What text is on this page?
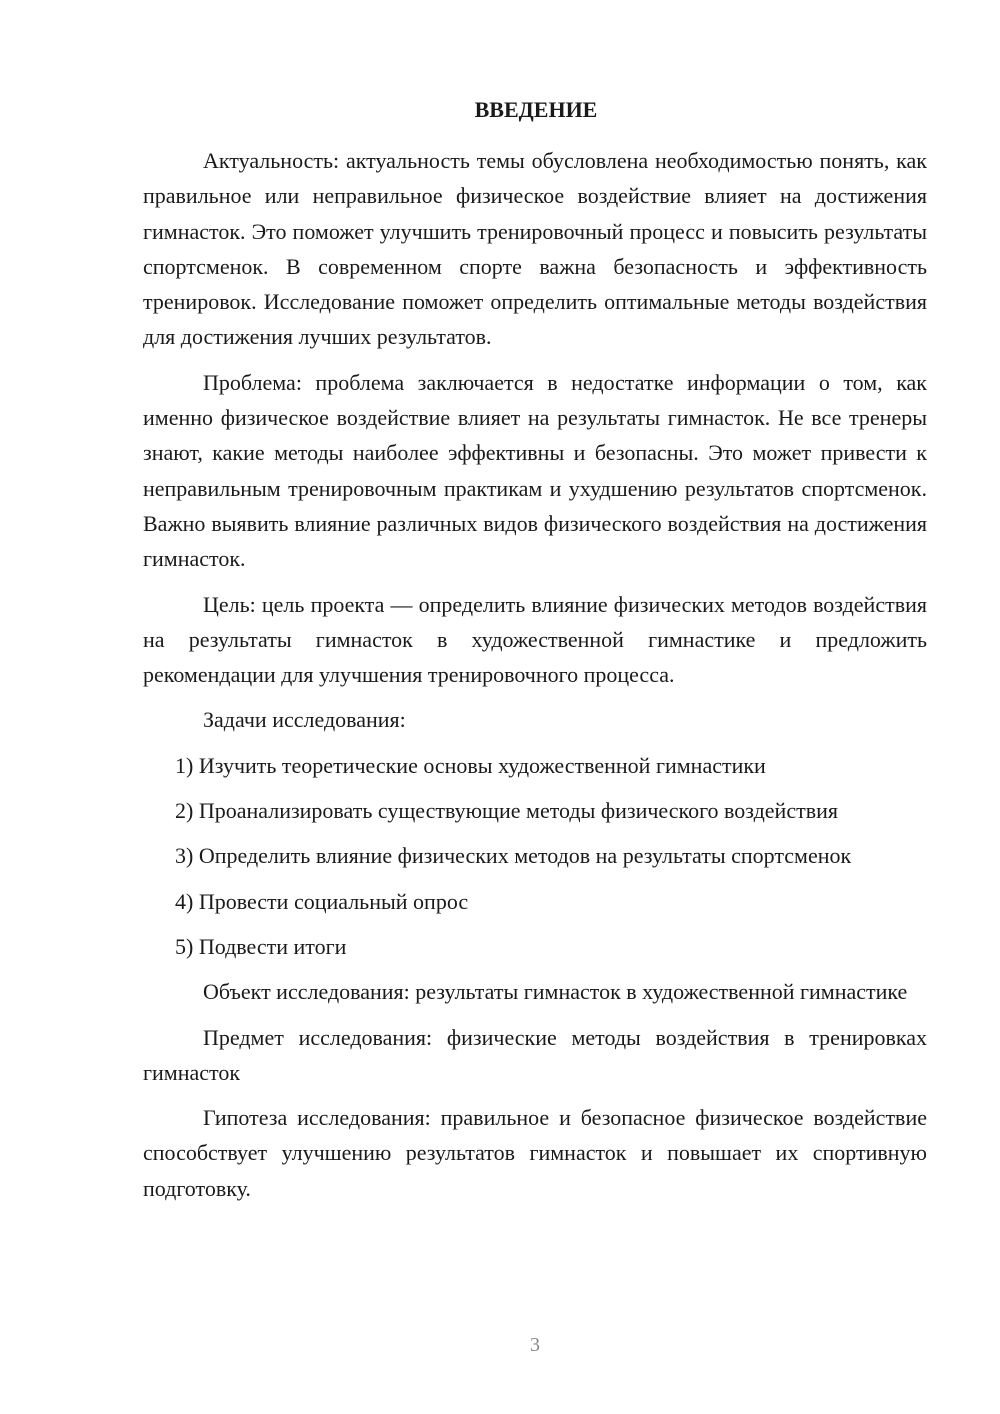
ВВЕДЕНИЕ

Актуальность: актуальность темы обусловлена необходимостью понять, как правильное или неправильное физическое воздействие влияет на достижения гимнасток. Это поможет улучшить тренировочный процесс и повысить результаты спортсменок. В современном спорте важна безопасность и эффективность тренировок. Исследование поможет определить оптимальные методы воздействия для достижения лучших результатов.

Проблема: проблема заключается в недостатке информации о том, как именно физическое воздействие влияет на результаты гимнасток. Не все тренеры знают, какие методы наиболее эффективны и безопасны. Это может привести к неправильным тренировочным практикам и ухудшению результатов спортсменок. Важно выявить влияние различных видов физического воздействия на достижения гимнасток.

Цель: цель проекта — определить влияние физических методов воздействия на результаты гимнасток в художественной гимнастике и предложить рекомендации для улучшения тренировочного процесса.

Задачи исследования:

1) Изучить теоретические основы художественной гимнастики

2) Проанализировать существующие методы физического воздействия

3) Определить влияние физических методов на результаты спортсменок

4) Провести социальный опрос

5) Подвести итоги

Объект исследования: результаты гимнасток в художественной гимнастике

Предмет исследования: физические методы воздействия в тренировках гимнасток

Гипотеза исследования: правильное и безопасное физическое воздействие способствует улучшению результатов гимнасток и повышает их спортивную подготовку.

3
